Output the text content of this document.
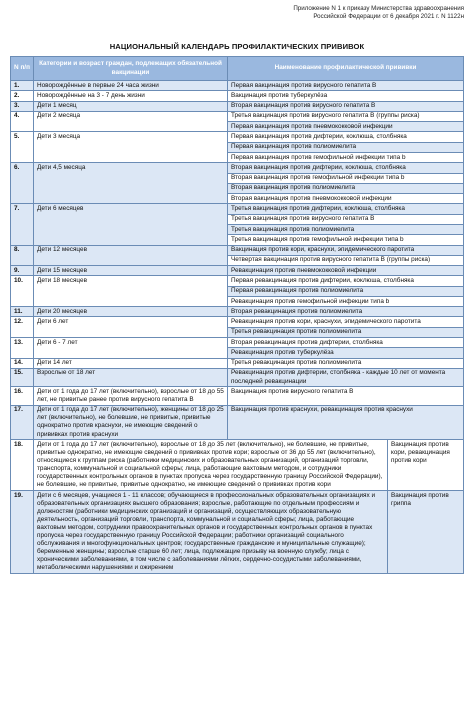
Приложение N 1 к приказу Министерства здравоохранения
Российской Федерации от 6 декабря 2021 г. N 1122н
НАЦИОНАЛЬНЫЙ КАЛЕНДАРЬ ПРОФИЛАКТИЧЕСКИХ ПРИВИВОК
N п/п	Категории и возраст граждан, подлежащих обязательной вакцинации	Наименование профилактической прививки	
1.	Новорождённые в первые 24 часа жизни	Первая вакцинация против вирусного гепатита B	
2.	Новорождённые на 3 - 7 день жизни	Вакцинация против туберкулёза	
3.	Дети 1 месяц	Вторая вакцинация против вирусного гепатита B	
4.	Дети 2 месяца	Третья вакцинация против вирусного гепатита B (группы риска)	
		Первая вакцинация против пневмококковой инфекции	
5.	Дети 3 месяца	Первая вакцинация против дифтерии, коклюша, столбняка	
		Первая вакцинация против полиомиелита	
		Первая вакцинация против гемофильной инфекции типа b	
6.	Дети 4,5 месяца	Вторая вакцинация против дифтерии, коклюша, столбняка	
		Вторая вакцинация против гемофильной инфекции типа b	
		Вторая вакцинация против полиомиелита	
		Вторая вакцинация против пневмококковой инфекции	
7.	Дети 6 месяцев	Третья вакцинация против дифтерии, коклюша, столбняка	
		Третья вакцинация против вирусного гепатита B	
		Третья вакцинация против полиомиелита	
		Третья вакцинация против гемофильной инфекции типа b	
8.	Дети 12 месяцев	Вакцинация против кори, краснухи, эпидемического паротита	
		Четвертая вакцинация против вирусного гепатита B (группы риска)	
9.	Дети 15 месяцев	Ревакцинация против пневмококковой инфекции	
10.	Дети 18 месяцев	Первая ревакцинация против дифтерии, коклюша, столбняка	
		Первая ревакцинация против полиомиелита	
		Ревакцинация против гемофильной инфекции типа b	
11.	Дети 20 месяцев	Вторая ревакцинация против полиомиелита	
12.	Дети 6 лет	Ревакцинация против кори, краснухи, эпидемического паротита	
		Третья ревакцинация против полиомиелита	
13.	Дети 6 - 7 лет	Вторая ревакцинация против дифтерии, столбняка	
		Ревакцинация против туберкулёза	
14.	Дети 14 лет	Третья ревакцинация против полиомиелита	
15.	Взрослые от 18 лет	Ревакцинация против дифтерии, столбняка - каждые 10 лет от момента последней ревакцинации	
16.	Дети от 1 года до 17 лет (включительно), взрослые от 18 до 55 лет, не привитые ранее против вирусного гепатита B	Вакцинация против вирусного гепатита B	
17.	Дети от 1 года до 17 лет (включительно), женщины от 18 до 25 лет (включительно), не болевшие, не привитые, привитые однократно против краснухи, не имеющие сведений о прививках против краснухи	Вакцинация против краснухи, ревакцинация против краснухи	
18.	Дети от 1 года до 17 лет (включительно), взрослые от 18 до 35 лет (включительно), не болевшие, не привитые, привитые однократно, не имеющие сведений о прививках против кори; взрослые от 36 до 55 лет (включительно), относящиеся к группам риска (работники медицинских и образовательных организаций, организаций торговли, транспорта, коммунальной и социальной сферы; лица, работающие вахтовым методом, и сотрудники государственных контрольных органов в пунктах пропуска через государственную границу Российской Федерации), не болевшие, не привитые, привитые однократно, не имеющие сведений о прививках против кори		Вакцинация против кори, ревакцинация против кори
19.	Дети с 6 месяцев, учащиеся 1 - 11 классов; обучающиеся в профессиональных образовательных организациях и образовательных организациях высшего образования; взрослые, работающие по отдельным профессиям и должностям (работники медицинских организаций и организаций, осуществляющих образовательную деятельность, организаций торговли, транспорта, коммунальной и социальной сферы; лица, работающие вахтовым методом, сотрудники правоохранительных органов и государственных контрольных органов в пунктах пропуска через государственную границу Российской Федерации; работники организаций социального обслуживания и многофункциональных центров; государственные гражданские и муниципальные служащие); беременные женщины; взрослые старше 60 лет; лица, подлежащие призыву на военную службу; лица с хроническими заболеваниями, в том числе с заболеваниями лёгких, сердечно-сосудистыми заболеваниями, метаболическими нарушениями и ожирением		Вакцинация против гриппа
